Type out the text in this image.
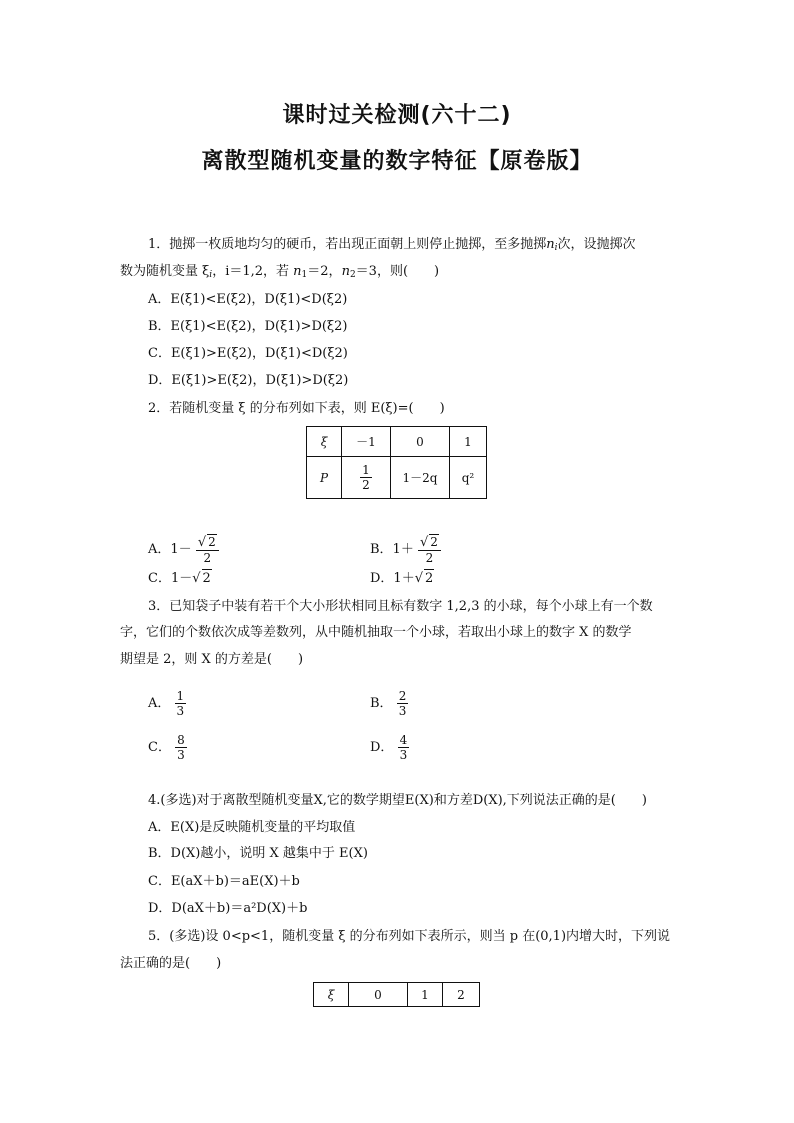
课时过关检测(六十二)
离散型随机变量的数字特征【原卷版】
1．抛掷一枚质地均匀的硬币，若出现正面朝上则停止抛掷，至多抛掷$n_i$次，设抛掷次
数为随机变量 $\xi_i$，i＝1,2，若 $n_1=2$，$n_2=3$，则(　　)
A．E(ξ1)<E(ξ2)，D(ξ1)<D(ξ2)
B．E(ξ1)<E(ξ2)，D(ξ1)>D(ξ2)
C．E(ξ1)>E(ξ2)，D(ξ1)<D(ξ2)
D．E(ξ1)>E(ξ2)，D(ξ1)>D(ξ2)
2．若随机变量 ξ 的分布列如下表，则 E(ξ)=(　　)
ξ	－1	0	1
P	$\frac{1}{2}$	1－2q	q²
A．$1- \frac{√ 2}{2}$	B．$1+ \frac{√ 2}{2}$
C．1－√ 2	D．1＋√ 2
3．已知袋子中装有若干个大小形状相同且标有数字 1,2,3 的小球，每个小球上有一个数
字，它们的个数依次成等差数列，从中随机抽取一个小球，若取出小球上的数字 X 的数学
期望是 2，则 X 的方差是(　　)
A． $\frac{1}{3}$	B． $\frac{2}{3}$
C． $\frac{8}{3}$	D． $\frac{4}{3}$
4.(多选)对于离散型随机变量X,它的数学期望E(X)和方差D(X),下列说法正确的是(　　)
A．E(X)是反映随机变量的平均取值
B．D(X)越小，说明 X 越集中于 E(X)
C．E(aX＋b)＝aE(X)＋b
D．D(aX＋b)＝a²D(X)＋b
5．(多选)设 0<p<1，随机变量 ξ 的分布列如下表所示，则当 p 在(0,1)内增大时，下列说
法正确的是(　　)
ξ	0	1	2
